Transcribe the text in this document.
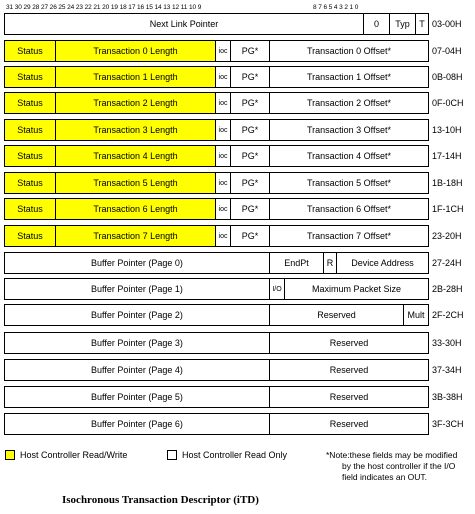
31 30 29 28 27 26 25 24 23 22 21 20 19 18 17 16 15 14 13 12 11 10 9	8 7 6 5 4 3 2 1 0
Next Link Pointer	0	Typ	T 03-00H
Status	Transaction 0 Length	ioc	PG*	Transaction 0 Offset*	07-04H
Status	Transaction 1 Length	ioc	PG*	Transaction 1 Offset*	0B-08H
Status	Transaction 2 Length	ioc	PG*	Transaction 2 Offset*	0F-0CH
Status	Transaction 3 Length	ioc	PG*	Transaction 3 Offset*	13-10H
Status	Transaction 4 Length	ioc	PG*	Transaction 4 Offset*	17-14H
Status	Transaction 5 Length	ioc	PG*	Transaction 5 Offset*	1B-18H
Status	Transaction 6 Length	ioc	PG*	Transaction 6 Offset*	1F-1CH
Status	Transaction 7 Length	ioc	PG*	Transaction 7 Offset*	23-20H
Buffer Pointer (Page 0)	EndPt	R	Device Address	27-24H
Buffer Pointer (Page 1)	I/O	Maximum Packet Size	2B-28H
Buffer Pointer (Page 2)	Reserved	Mult 2F-2CH
Buffer Pointer (Page 3)	Reserved	33-30H
Buffer Pointer (Page 4)	Reserved	37-34H
Buffer Pointer (Page 5)	Reserved	3B-38H
Buffer Pointer (Page 6)	Reserved	3F-3CH
Host Controller Read/Write	Host Controller Read Only	*Note:these fields may be modified
by the host controller if the I/O
field indicates an OUT.
Isochronous Transaction Descriptor (iTD)
